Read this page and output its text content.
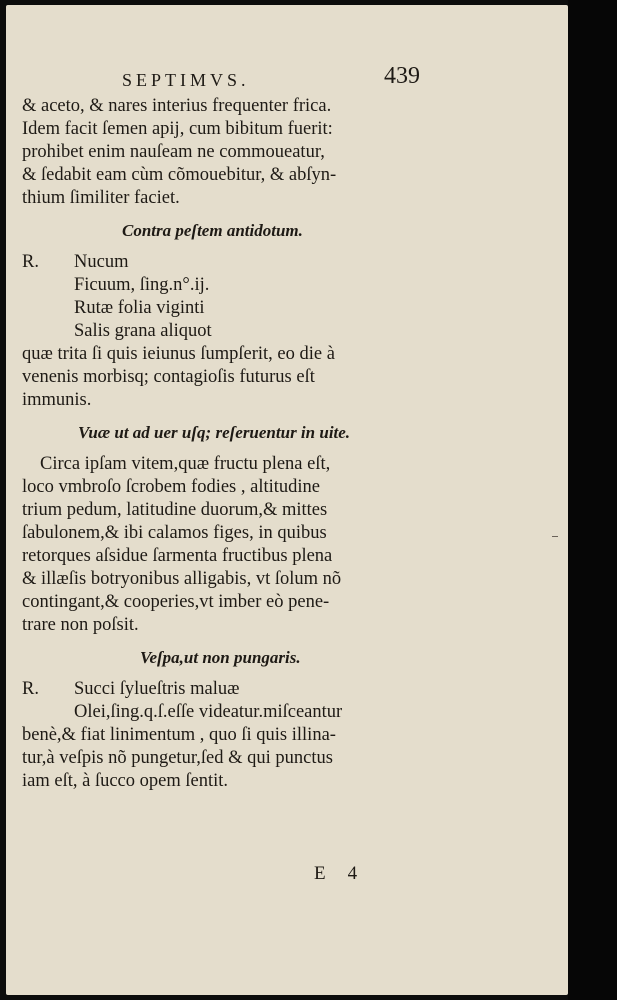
SEPTIMVS.	439
& aceto, & nares interius frequenter frica.
Idem facit ſemen apij, cum bibitum fuerit:
prohibet enim nauſeam ne commoueatur,
& ſedabit eam cùm cõmouebitur, & abſyn-
thium ſimiliter faciet.
Contra peſtem antidotum.
R.	Nucum
Ficuum, ſing.n°.ij.
Rutæ folia viginti
Salis grana aliquot
quæ trita ſi quis ieiunus ſumpſerit, eo die à
venenis morbisq; contagioſis futurus eſt
immunis.
Vuæ ut ad uer uſq; reſeruentur in uite.
Circa ipſam vitem,quæ fructu plena eſt,
loco vmbroſo ſcrobem fodies , altitudine
trium pedum, latitudine duorum,& mittes
ſabulonem,& ibi calamos figes, in quibus
retorques aſsidue ſarmenta fructibus plena
& illæſis botryonibus alligabis, vt ſolum nõ
contingant,& cooperies,vt imber eò pene-
trare non poſsit.
Veſpa,ut non pungaris.
R.	Succi ſylueſtris maluæ
Olei,ſing.q.ſ.eſſe videatur.miſceantur
benè,& fiat linimentum , quo ſi quis illina-
tur,à veſpis nõ pungetur,ſed & qui punctus
iam eſt, à ſucco opem ſentit.
E 4
